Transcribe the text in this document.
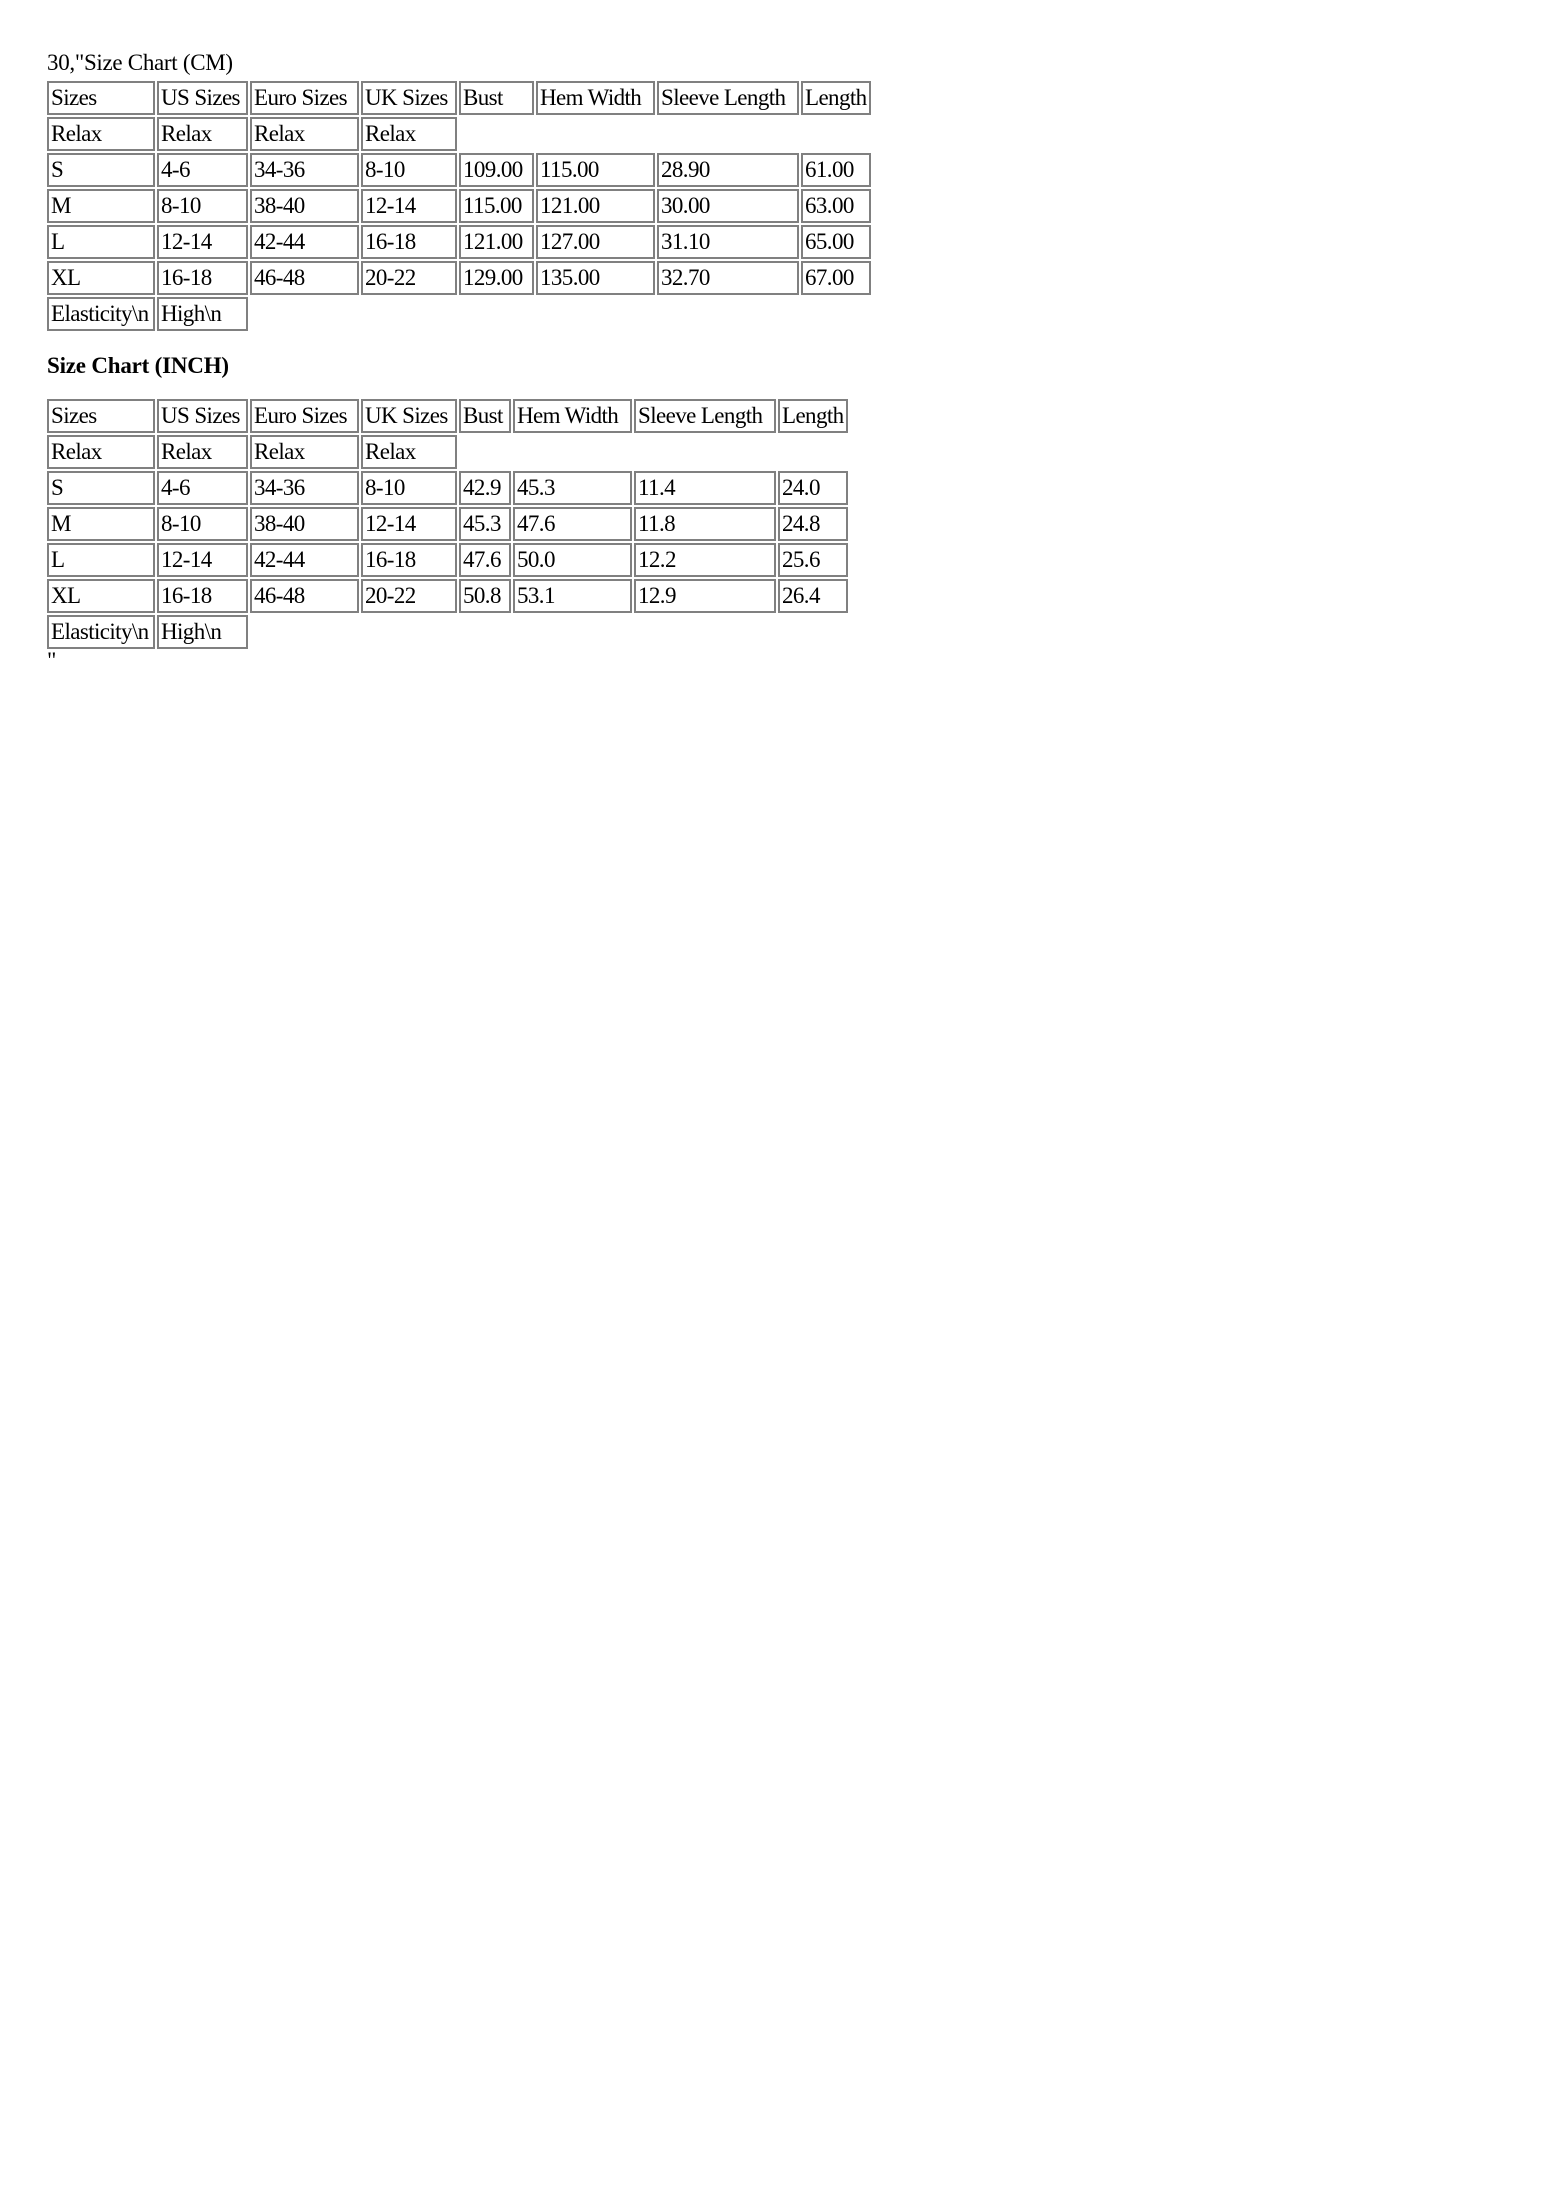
30,"Size Chart (CM)
Sizes	US Sizes	Euro Sizes	UK Sizes	Bust	Hem Width	Sleeve Length	Length
Relax	Relax	Relax	Relax				
S	4-6	34-36	8-10	109.00	115.00	28.90	61.00
M	8-10	38-40	12-14	115.00	121.00	30.00	63.00
L	12-14	42-44	16-18	121.00	127.00	31.10	65.00
XL	16-18	46-48	20-22	129.00	135.00	32.70	67.00
Elasticity\n	High\n						
Size Chart (INCH)
Sizes	US Sizes	Euro Sizes	UK Sizes	Bust	Hem Width	Sleeve Length	Length
Relax	Relax	Relax	Relax				
S	4-6	34-36	8-10	42.9	45.3	11.4	24.0
M	8-10	38-40	12-14	45.3	47.6	11.8	24.8
L	12-14	42-44	16-18	47.6	50.0	12.2	25.6
XL	16-18	46-48	20-22	50.8	53.1	12.9	26.4
Elasticity\n	High\n						
"
